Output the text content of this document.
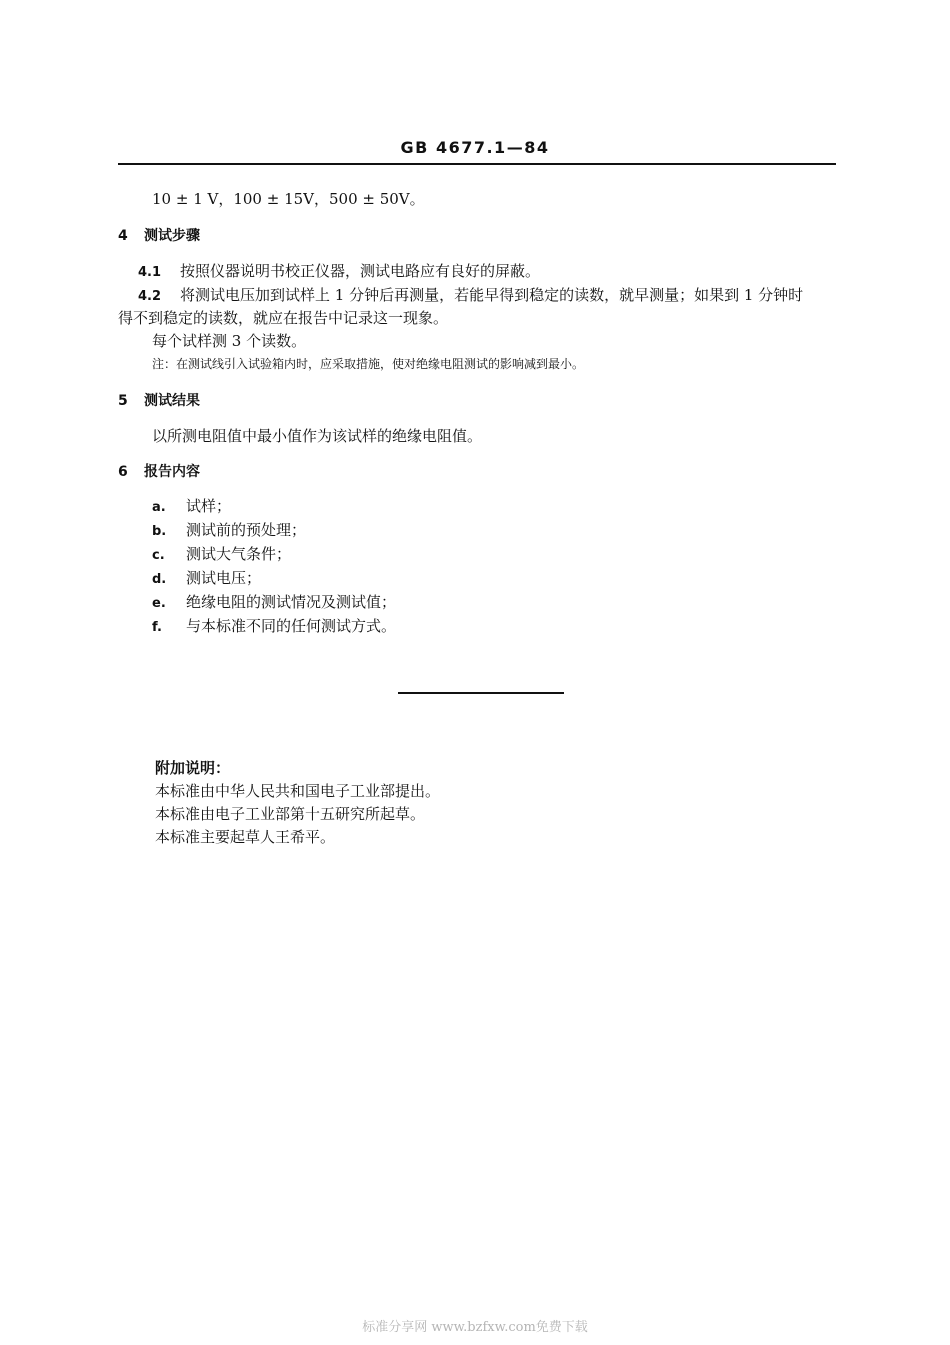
GB 4677.1—84
10 ± 1 V，100 ± 15V，500 ± 50V。
4 测试步骤
4.1 按照仪器说明书校正仪器，测试电路应有良好的屏蔽。
4.2 将测试电压加到试样上 1 分钟后再测量，若能早得到稳定的读数，就早测量；如果到 1 分钟时
得不到稳定的读数，就应在报告中记录这一现象。
每个试样测 3 个读数。
注：在测试线引入试验箱内时，应采取措施，使对绝缘电阻测试的影响减到最小。
5 测试结果
以所测电阻值中最小值作为该试样的绝缘电阻值。
6 报告内容
a. 试样；
b. 测试前的预处理；
c. 测试大气条件；
d. 测试电压；
e. 绝缘电阻的测试情况及测试值；
f. 与本标准不同的任何测试方式。
附加说明：
本标准由中华人民共和国电子工业部提出。
本标准由电子工业部第十五研究所起草。
本标准主要起草人王希平。
标准分享网 www.bzfxw.com免费下载
